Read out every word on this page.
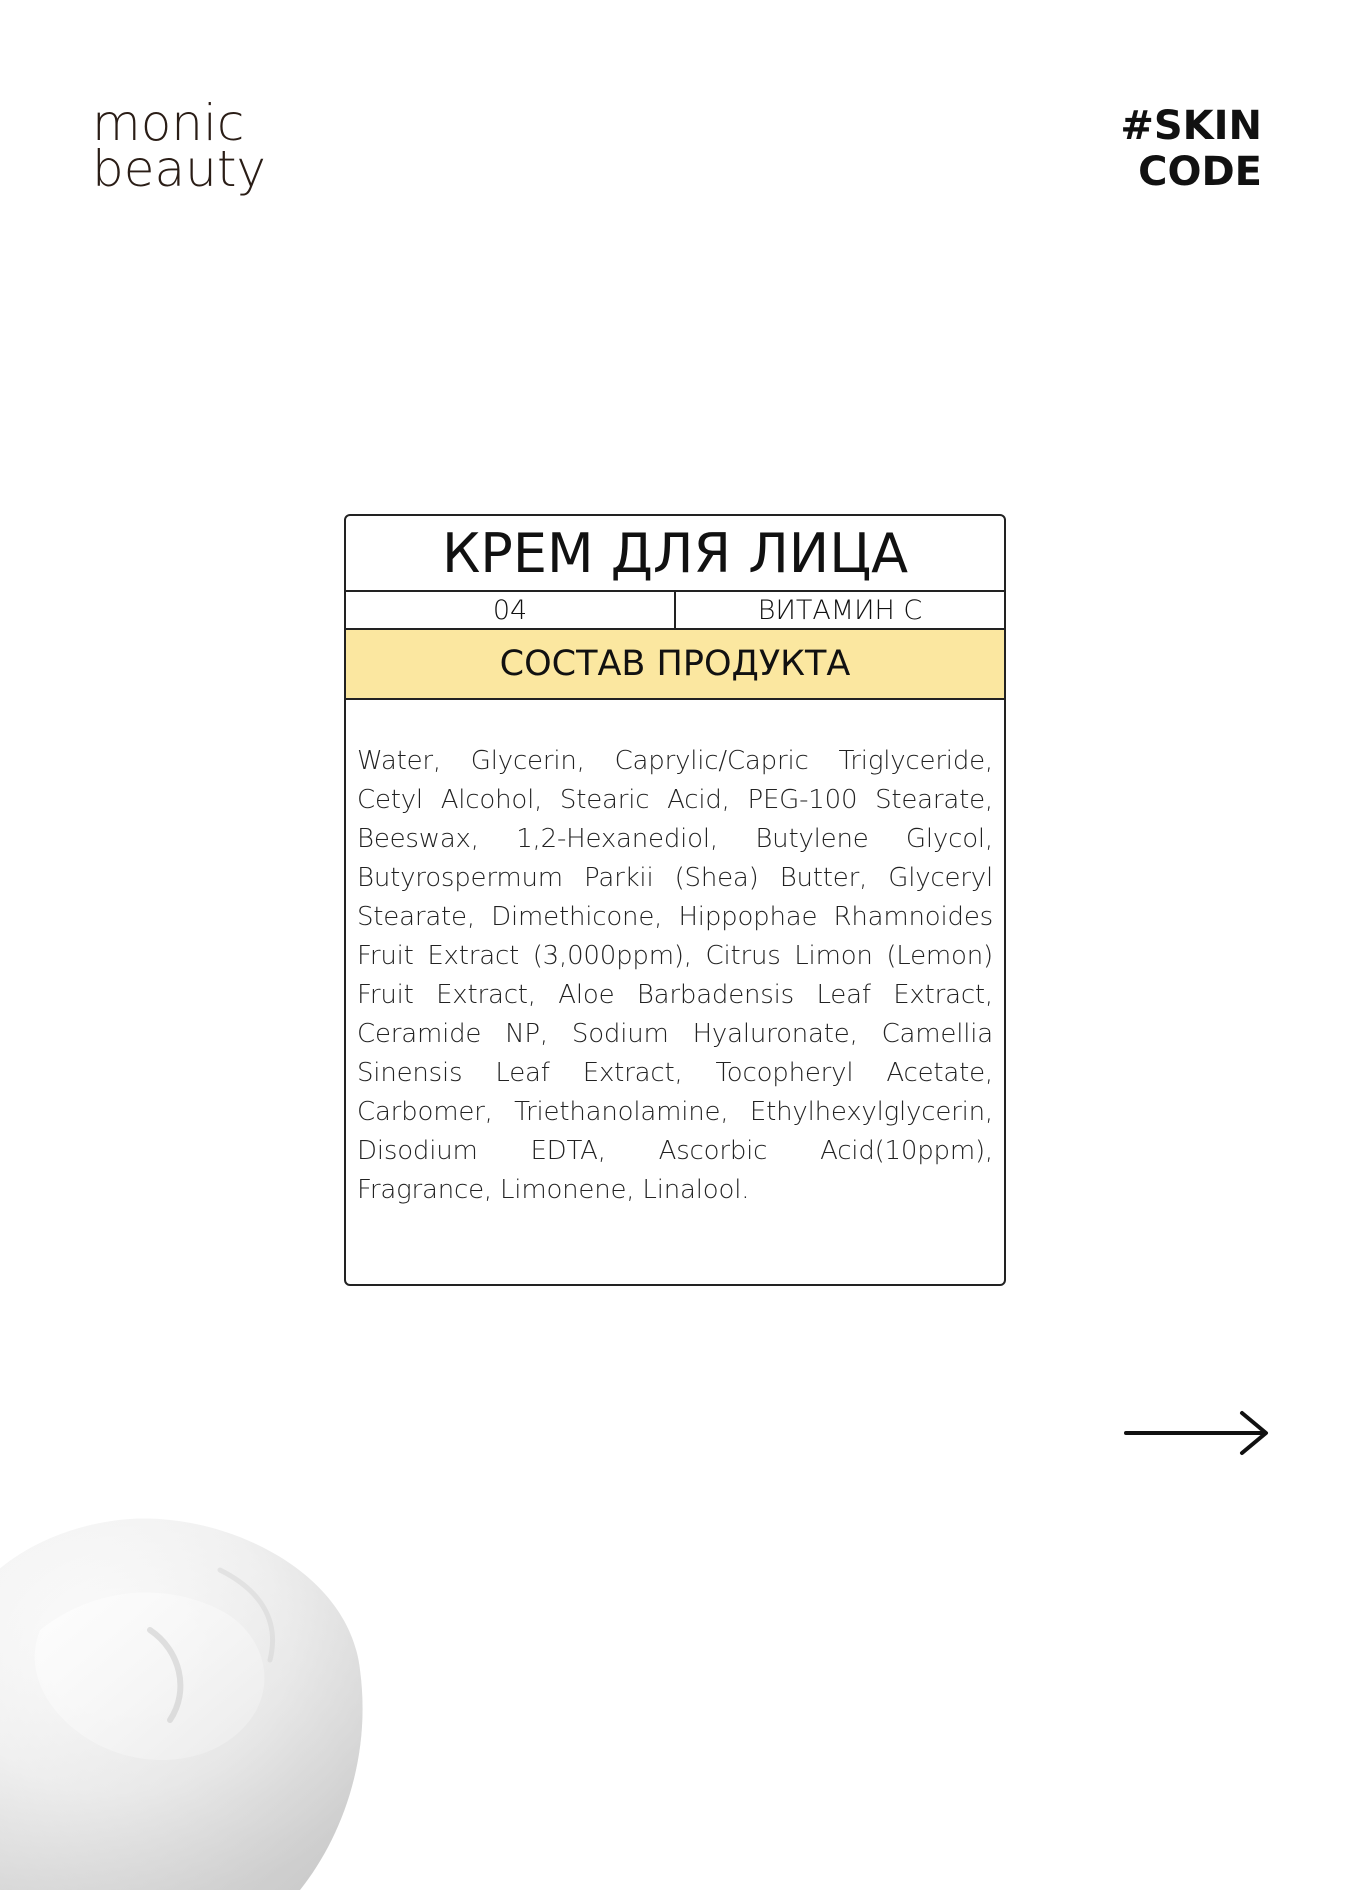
monic
beauty
#SKIN
CODE
КРЕМ ДЛЯ ЛИЦА
04	ВИТАМИН С
СОСТАВ ПРОДУКТА
Water, Glycerin, Caprylic/Capric Triglyceride, Cetyl Alcohol, Stearic Acid, PEG-100 Stearate, Beeswax, 1,2-Hexanediol, Butylene Glycol, Butyrospermum Parkii (Shea) Butter, Glyceryl Stearate, Dimethicone, Hippophae Rhamnoides Fruit Extract (3,000ppm), Citrus Limon (Lemon) Fruit Extract, Aloe Barbadensis Leaf Extract, Ceramide NP, Sodium Hyaluronate, Camellia Sinensis Leaf Extract, Tocopheryl Acetate, Carbomer, Triethanolamine, Ethylhexylglycerin, Disodium EDTA, Ascorbic Acid(10ppm), Fragrance, Limonene, Linalool.
